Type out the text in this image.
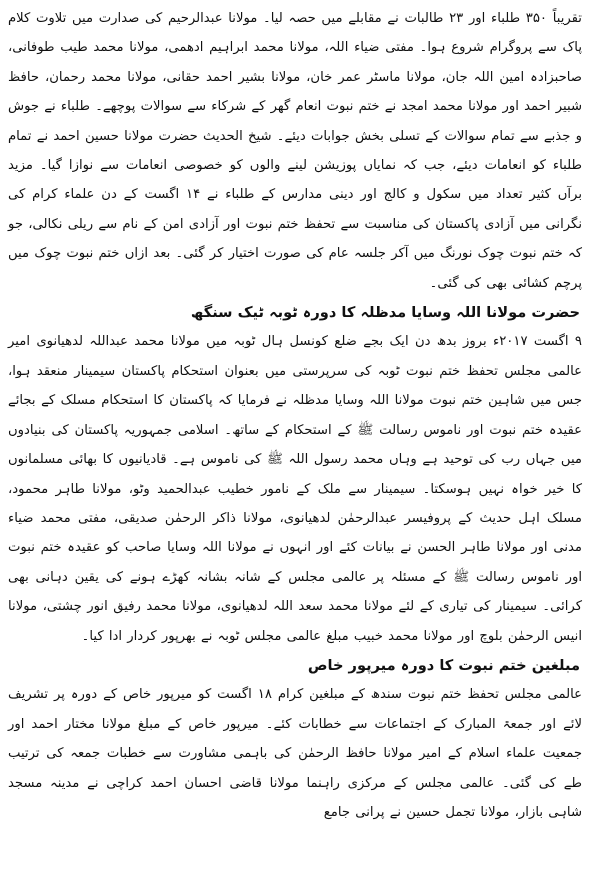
تقریباً ۳۵۰ طلباء اور ۲۳ طالبات نے مقابلے میں حصہ لیا۔ مولانا عبدالرحیم کی صدارت میں تلاوت کلام پاک سے پروگرام شروع ہوا۔ مفتی ضیاء اللہ، مولانا محمد ابراہیم ادھمی، مولانا محمد طیب طوفانی، صاحبزادہ امین اللہ جان، مولانا ماسٹر عمر خان، مولانا بشیر احمد حقانی، مولانا محمد رحمان، حافظ شبیر احمد اور مولانا محمد امجد نے ختم نبوت انعام گھر کے شرکاء سے سوالات پوچھے۔ طلباء نے جوش و جذبے سے تمام سوالات کے تسلی بخش جوابات دیئے۔ شیخ الحدیث حضرت مولانا حسین احمد نے تمام طلباء کو انعامات دیئے، جب کہ نمایاں پوزیشن لینے والوں کو خصوصی انعامات سے نوازا گیا۔ مزید برآں کثیر تعداد میں سکول و کالج اور دینی مدارس کے طلباء نے ۱۴ اگست کے دن علماء کرام کی نگرانی میں آزادی پاکستان کی مناسبت سے تحفظ ختم نبوت اور آزادی امن کے نام سے ریلی نکالی، جو کہ ختم نبوت چوک نورنگ میں آکر جلسہ عام کی صورت اختیار کر گئی۔ بعد ازاں ختم نبوت چوک میں پرچم کشائی بھی کی گئی۔

حضرت مولانا اللہ وسایا مدظلہ کا دورہ ٹوبہ ٹیک سنگھ

۹ اگست ۲۰۱۷ء بروز بدھ دن ایک بجے ضلع کونسل ہال ٹوبہ میں مولانا محمد عبداللہ لدھیانوی امیر عالمی مجلس تحفظ ختم نبوت ٹوبہ کی سرپرستی میں بعنوان استحکام پاکستان سیمینار منعقد ہوا، جس میں شاہین ختم نبوت مولانا اللہ وسایا مدظلہ نے فرمایا کہ پاکستان کا استحکام مسلک کے بجائے عقیدہ ختم نبوت اور ناموس رسالت ﷺ کے استحکام کے ساتھ۔ اسلامی جمہوریہ پاکستان کی بنیادوں میں جہاں رب کی توحید ہے وہاں محمد رسول اللہ ﷺ کی ناموس ہے۔ قادیانیوں کا بھائی مسلمانوں کا خیر خواہ نہیں ہوسکتا۔ سیمینار سے ملک کے نامور خطیب عبدالحمید وٹو، مولانا طاہر محمود، مسلک اہل حدیث کے پروفیسر عبدالرحمٰن لدھیانوی، مولانا ذاکر الرحمٰن صدیقی، مفتی محمد ضیاء مدنی اور مولانا طاہر الحسن نے بیانات کئے اور انہوں نے مولانا اللہ وسایا صاحب کو عقیدہ ختم نبوت اور ناموس رسالت ﷺ کے مسئلہ پر عالمی مجلس کے شانہ بشانہ کھڑے ہونے کی یقین دہانی بھی کرائی۔ سیمینار کی تیاری کے لئے مولانا محمد سعد اللہ لدھیانوی، مولانا محمد رفیق انور چشتی، مولانا انیس الرحمٰن بلوچ اور مولانا محمد خبیب مبلغ عالمی مجلس ٹوبہ نے بھرپور کردار ادا کیا۔

مبلغین ختم نبوت کا دورہ میرپور خاص

عالمی مجلس تحفظ ختم نبوت سندھ کے مبلغین کرام ۱۸ اگست کو میرپور خاص کے دورہ پر تشریف لائے اور جمعۃ المبارک کے اجتماعات سے خطابات کئے۔ میرپور خاص کے مبلغ مولانا مختار احمد اور جمعیت علماء اسلام کے امیر مولانا حافظ الرحمٰن کی باہمی مشاورت سے خطبات جمعہ کی ترتیب طے کی گئی۔ عالمی مجلس کے مرکزی راہنما مولانا قاضی احسان احمد کراچی نے مدینہ مسجد شاہی بازار، مولانا تجمل حسین نے پرانی جامع
